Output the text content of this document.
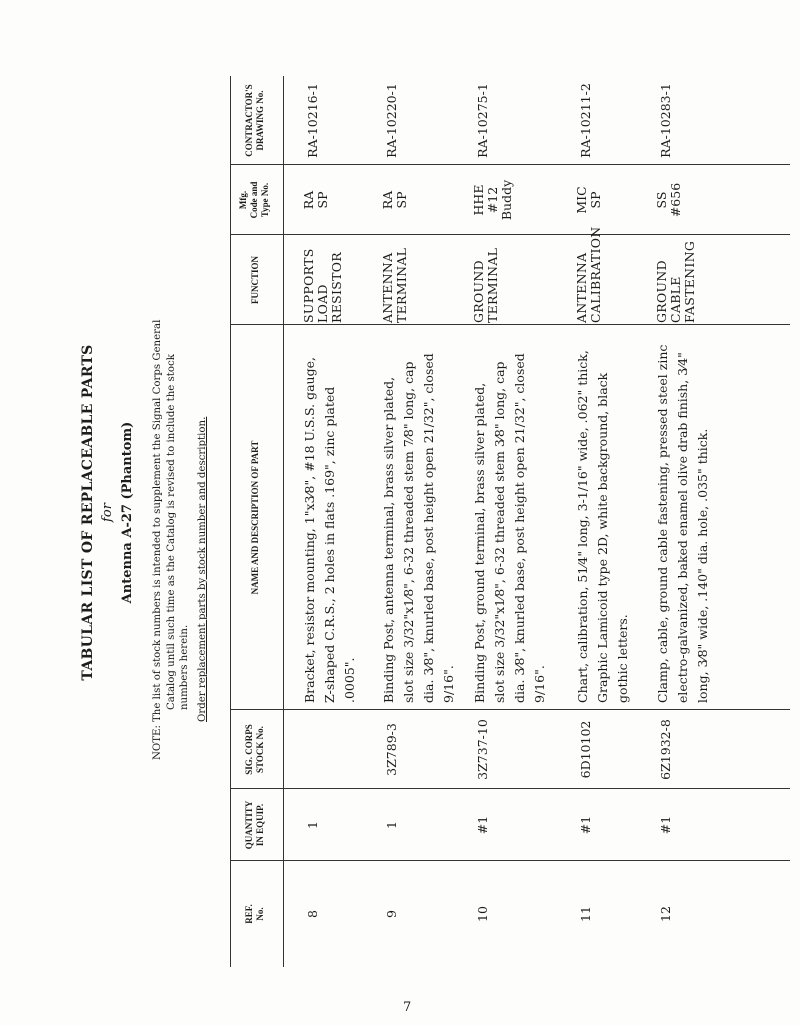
TABULAR LIST OF REPLACEABLE PARTS for Antenna A-27 (Phantom)
NOTE:
The list of stock numbers is intended to supplement the Signal Corps General Catalog until such time as the Catalog is revised to include the stock numbers herein. Order replacement parts by stock number and description.
REF. No.
QUANTITY IN EQUIP.
SIG. CORPS STOCK No.
NAME AND DESCRIPTION OF PART
FUNCTION
Mfg. Code and Type No.
CONTRACTOR'S DRAWING No.
8
1
Bracket, resistor mounting, 1"x3⁄8", #18 U.S.S. gauge, Z-shaped C.R.S., 2 holes in flats .169", zinc plated .0005".
SUPPORTS LOAD RESISTOR
RA SP
RA-10216-1
9
1
3Z789-3
Binding Post, antenna terminal, brass silver plated, slot size 3/32"x1⁄8", 6-32 threaded stem 7⁄8" long, cap dia. 3⁄8", knurled base, post height open 21/32", closed 9/16".
ANTENNA TERMINAL
RA SP
RA-10220-1
10
#1
3Z737-10
Binding Post, ground terminal, brass silver plated, slot size 3/32"x1⁄8", 6-32 threaded stem 3⁄8" long, cap dia. 3⁄8", knurled base, post height open 21/32", closed 9/16".
GROUND TERMINAL
HHE #12 Buddy
RA-10275-1
11
#1
6D10102
Chart, calibration, 51⁄4" long, 3-1/16" wide, .062" thick, Graphic Lamicoid type 2D, white background, black gothic letters.
ANTENNA CALIBRATION
MIC SP
RA-10211-2
12
#1
6Z1932-8
Clamp, cable, ground cable fastening, pressed steel zinc electro-galvanized, baked enamel olive drab finish, 3⁄4" long, 3⁄8" wide, .140" dia. hole, .035" thick.
GROUND CABLE FASTENING
SS #656
RA-10283-1
7
